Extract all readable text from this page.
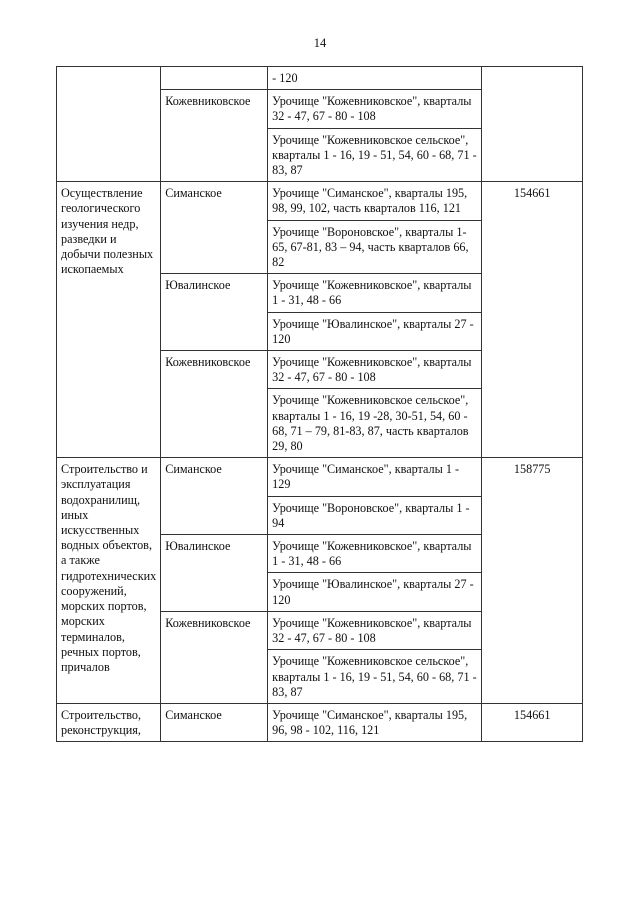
14
		- 120	
	Кожевниковское	Урочище "Кожевниковское", кварталы 32 - 47, 67 - 80 - 108	
		Урочище "Кожевниковское сельское", кварталы 1 - 16, 19 - 51, 54, 60 - 68, 71 - 83, 87	
Осуществление геологического изучения недр, разведки и добычи полезных ископаемых	Симанское	Урочище "Симанское", кварталы 195, 98, 99, 102, часть кварталов 116, 121	154661
		Урочище "Вороновское", кварталы 1-65, 67-81, 83 – 94, часть кварталов 66, 82	
	Ювалинское	Урочище "Кожевниковское", кварталы 1 - 31, 48 - 66	
		Урочище "Ювалинское", кварталы 27 - 120	
	Кожевниковское	Урочище "Кожевниковское", кварталы 32 - 47, 67 - 80 - 108	
		Урочище "Кожевниковское сельское", кварталы 1 - 16, 19 -28, 30-51, 54, 60 - 68, 71 – 79, 81-83, 87, часть кварталов 29, 80	
Строительство и эксплуатация водохранилищ, иных искусственных водных объектов, а также гидротехнических сооружений, морских портов, морских терминалов, речных портов, причалов	Симанское	Урочище "Симанское", кварталы 1 - 129	158775
		Урочище "Вороновское", кварталы 1 - 94	
	Ювалинское	Урочище "Кожевниковское", кварталы 1 - 31, 48 - 66	
		Урочище "Ювалинское", кварталы 27 - 120	
	Кожевниковское	Урочище "Кожевниковское", кварталы 32 - 47, 67 - 80 - 108	
		Урочище "Кожевниковское сельское", кварталы 1 - 16, 19 - 51, 54, 60 - 68, 71 - 83, 87	
Строительство, реконструкция,	Симанское	Урочище "Симанское", кварталы 195, 96, 98 - 102, 116, 121	154661
